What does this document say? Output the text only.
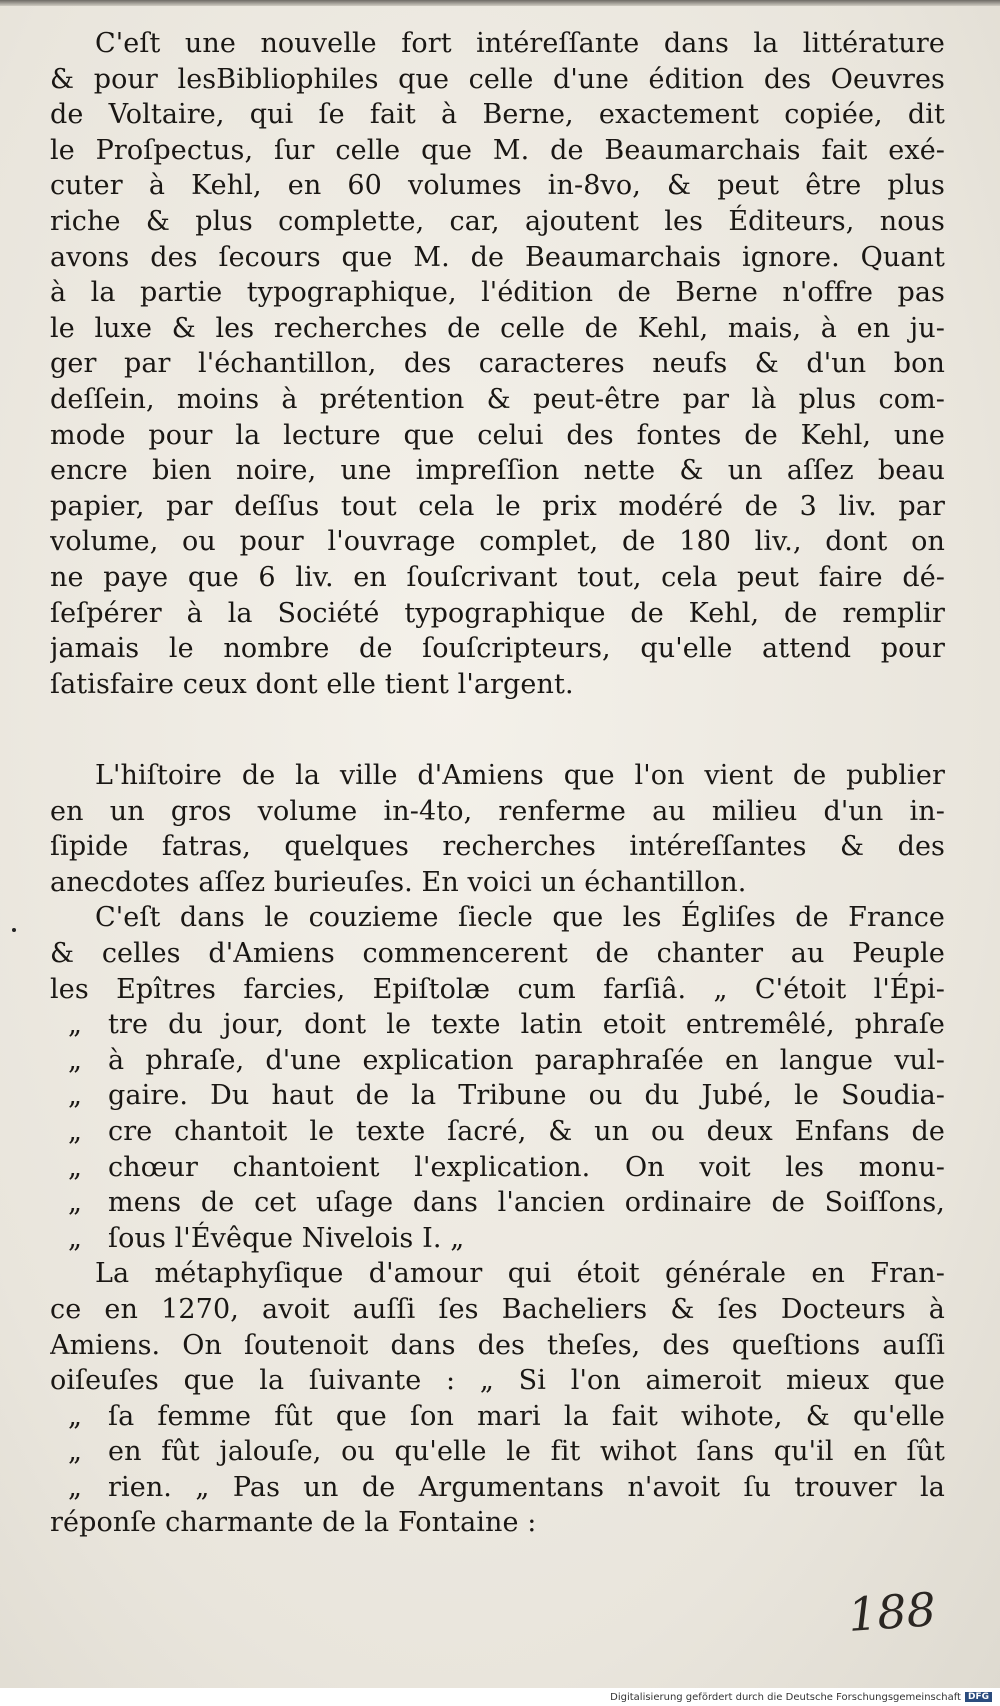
C'eſt une nouvelle fort intéreſſante dans la littérature
& pour lesBibliophiles que celle d'une édition des Oeuvres
de Voltaire, qui ſe fait à Berne, exactement copiée, dit
le Proſpectus, ſur celle que M. de Beaumarchais fait exé-
cuter à Kehl, en 60 volumes in-8vo, & peut être plus
riche & plus complette, car, ajoutent les Éditeurs, nous
avons des ſecours que M. de Beaumarchais ignore. Quant
à la partie typographique, l'édition de Berne n'offre pas
le luxe & les recherches de celle de Kehl, mais, à en ju-
ger par l'échantillon, des caracteres neufs & d'un bon
deſſein, moins à prétention & peut-être par là plus com-
mode pour la lecture que celui des fontes de Kehl, une
encre bien noire, une impreſſion nette & un aſſez beau
papier, par deſſus tout cela le prix modéré de 3 liv. par
volume, ou pour l'ouvrage complet, de 180 liv., dont on
ne paye que 6 liv. en ſouſcrivant tout, cela peut faire dé-
ſeſpérer à la Société typographique de Kehl, de remplir
jamais le nombre de ſouſcripteurs, qu'elle attend pour
ſatisfaire ceux dont elle tient l'argent.
L'hiſtoire de la ville d'Amiens que l'on vient de publier
en un gros volume in-4to, renferme au milieu d'un in-
ſipide fatras, quelques recherches intéreſſantes & des
anecdotes aſſez burieuſes. En voici un échantillon.
C'eſt dans le couzieme ſiecle que les Égliſes de France
& celles d'Amiens commencerent de chanter au Peuple
les Epîtres farcies, Epiſtolæ cum farſiâ. „ C'étoit l'Épi-
„ tre du jour, dont le texte latin etoit entremêlé, phraſe
„ à phraſe, d'une explication paraphraſée en langue vul-
„ gaire. Du haut de la Tribune ou du Jubé, le Soudia-
„ cre chantoit le texte ſacré, & un ou deux Enfans de
„ chœur chantoient l'explication. On voit les monu-
„ mens de cet uſage dans l'ancien ordinaire de Soiſſons,
„ ſous l'Évêque Nivelois I. „
La métaphyſique d'amour qui étoit générale en Fran-
ce en 1270, avoit auſſi ſes Bacheliers & ſes Docteurs à
Amiens. On ſoutenoit dans des theſes, des queſtions auſſi
oiſeuſes que la ſuivante : „ Si l'on aimeroit mieux que
„ ſa femme fût que ſon mari la fait wihote, & qu'elle
„ en fût jalouſe, ou qu'elle le fit wihot ſans qu'il en ſût
„ rien. „ Pas un de Argumentans n'avoit ſu trouver la
réponſe charmante de la Fontaine :
188
Digitalisierung gefördert durch die Deutsche Forschungsgemeinschaft DFG
